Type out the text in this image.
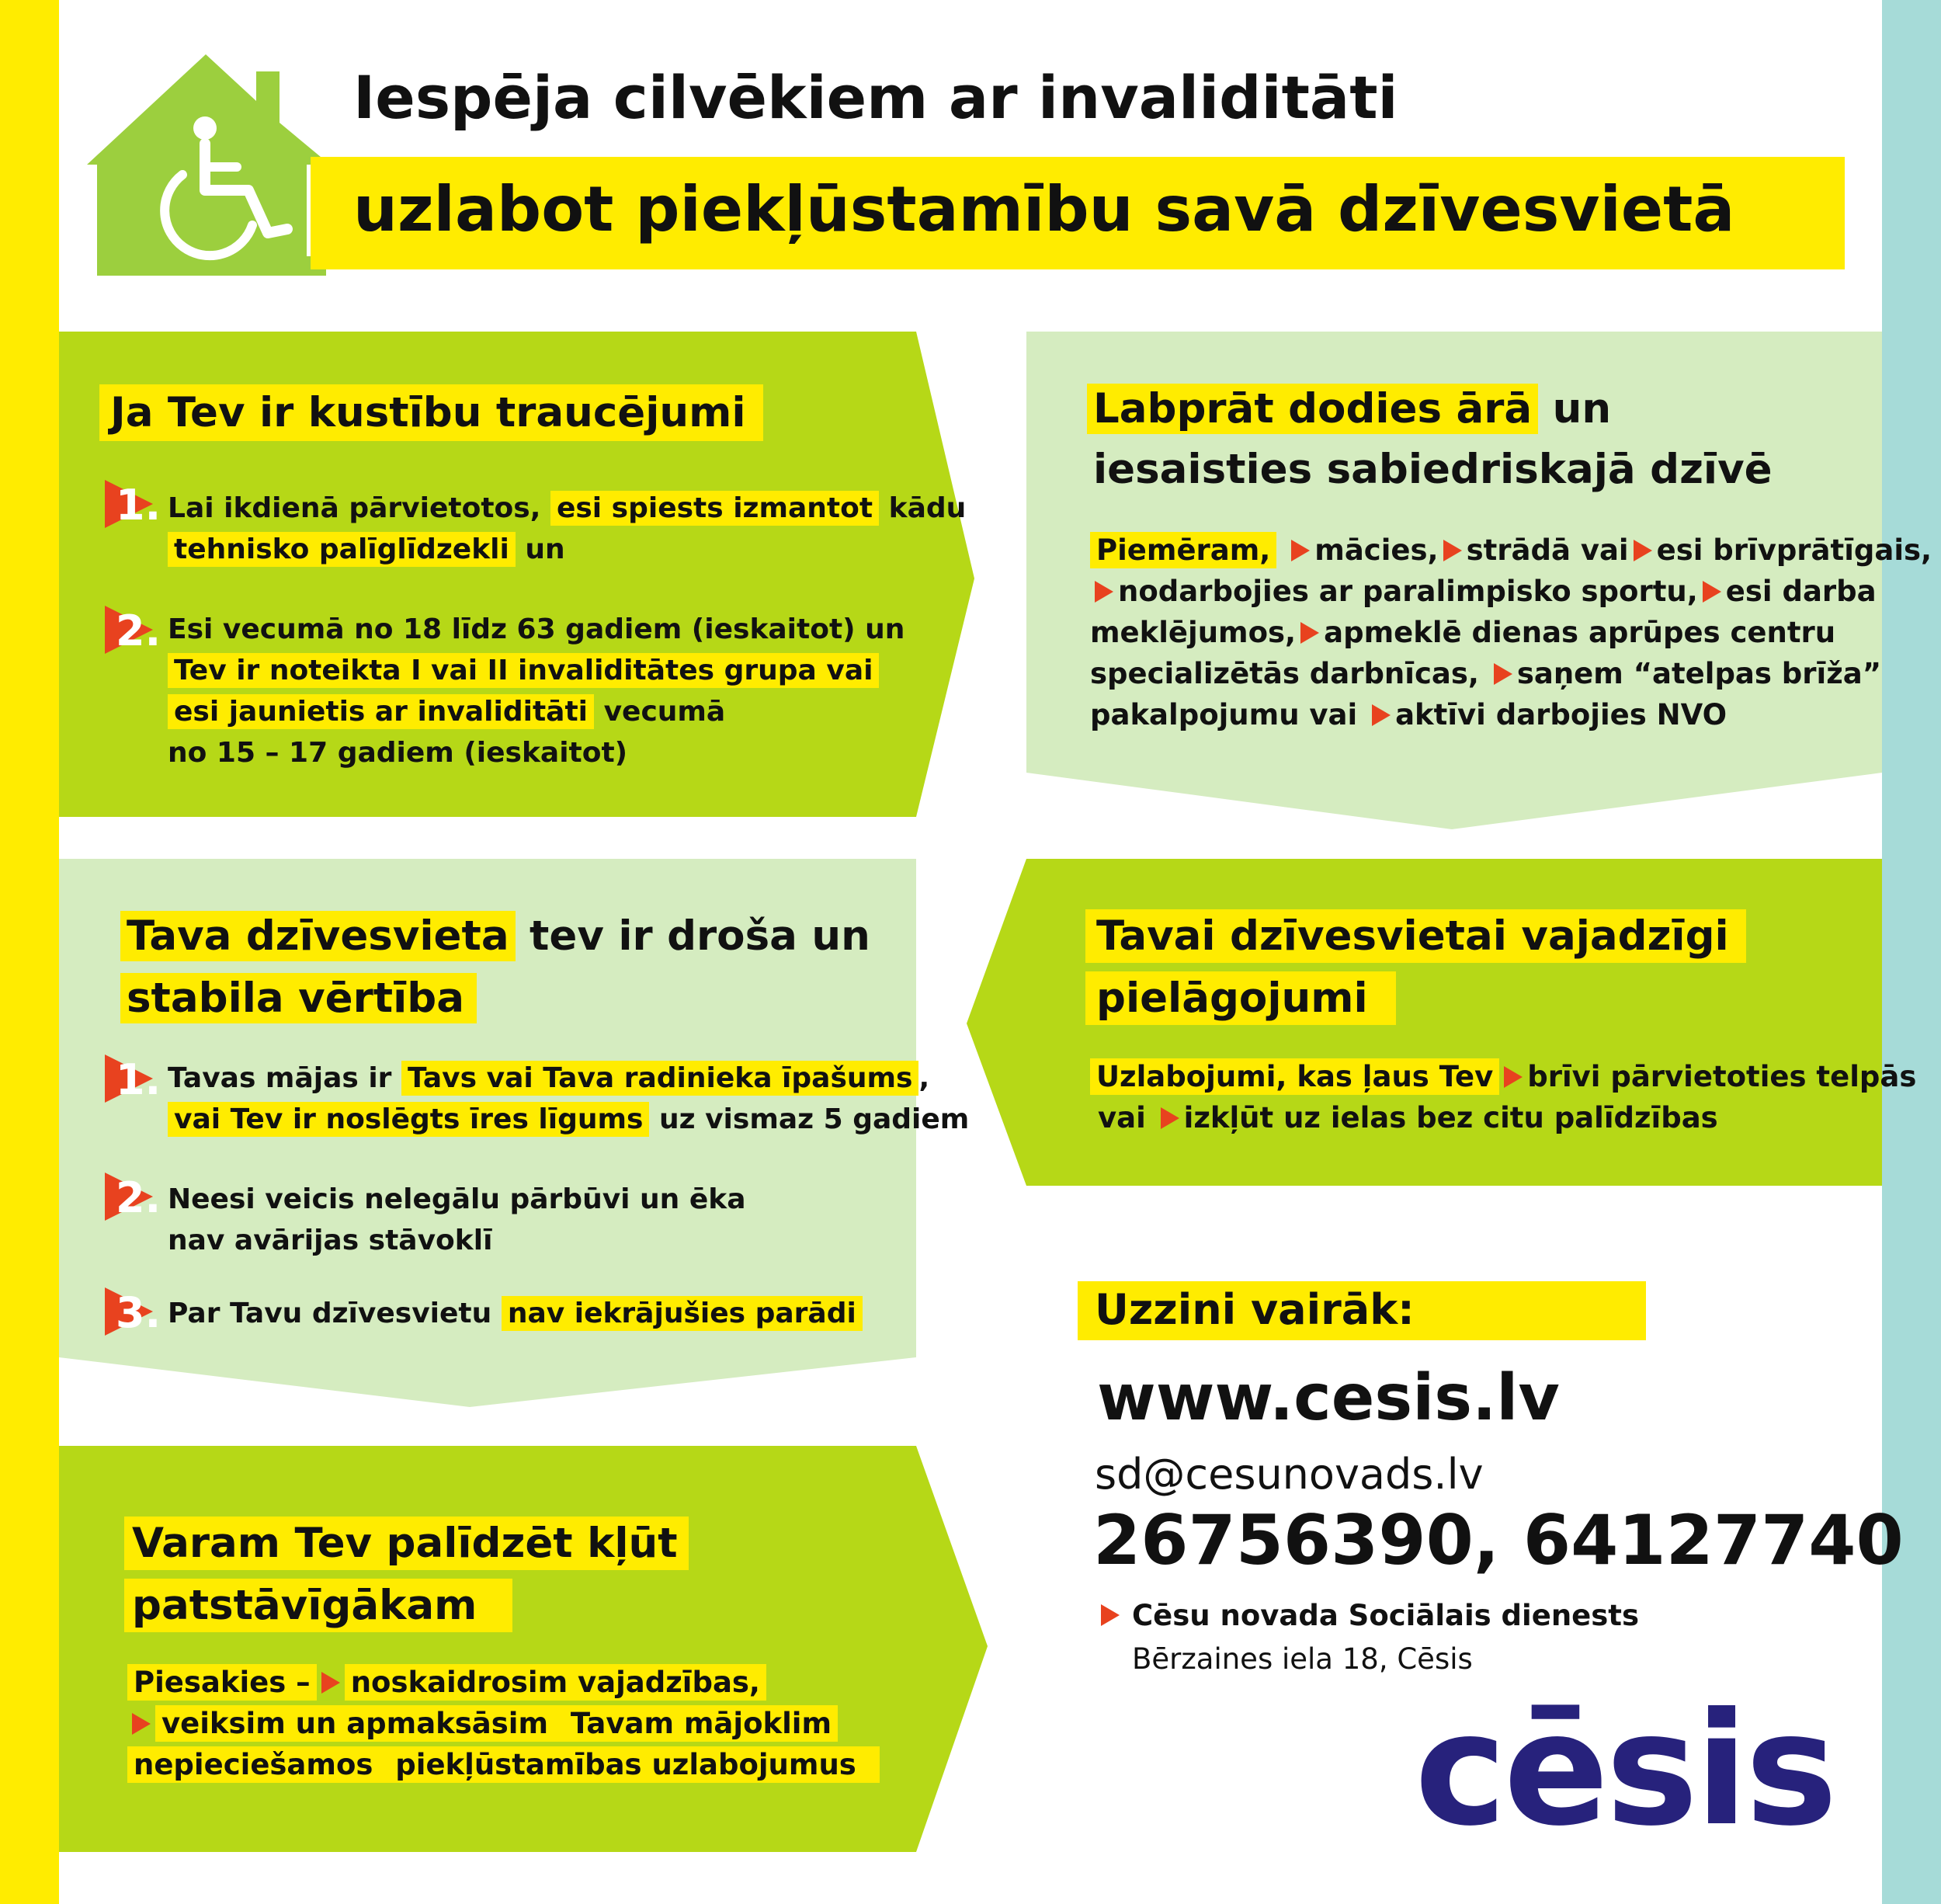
Iespēja cilvēkiem ar invaliditāti
uzlabot piekļūstamību savā dzīvesvietā
Ja Tev ir kustību traucējumi
1. Lai ikdienā pārvietotos, esi spiests izmantot kādu
tehnisko palīglīdzekli un
2. Esi vecumā no 18 līdz 63 gadiem (ieskaitot) un
Tev ir noteikta I vai II invaliditātes grupa vai
esi jaunietis ar invaliditāti vecumā
no 15 – 17 gadiem (ieskaitot)
Labprāt dodies ārā un
iesaisties sabiedriskajā dzīvē
Piemēram, mācies, strādā vai esi brīvprātīgais,
nodarbojies ar paralimpisko sportu, esi darba
meklējumos, apmeklē dienas aprūpes centru
specializētās darbnīcas, saņem “atelpas brīža”
pakalpojumu vai aktīvi darbojies NVO
Tava dzīvesvieta tev ir droša un
stabila vērtība
1. Tavas mājas ir Tavs vai Tava radinieka īpašums ,
vai Tev ir noslēgts īres līgums uz vismaz 5 gadiem
2. Neesi veicis nelegālu pārbūvi un ēka
nav avārijas stāvoklī
3. Par Tavu dzīvesvietu nav iekrājušies parādi
Tavai dzīvesvietai vajadzīgi
pielāgojumi
Uzlabojumi, kas ļaus Tev brīvi pārvietoties telpās
vai izkļūt uz ielas bez citu palīdzības
Varam Tev palīdzēt kļūt
patstāvīgākam
Piesakies – noskaidrosim vajadzības,
veiksim un apmaksāsim Tavam mājoklim
nepieciešamos piekļūstamības uzlabojumus
Uzzini vairāk:
www.cesis.lv
sd@cesunovads.lv
26756390, 64127740
Cēsu novada Sociālais dienests
Bērzaines iela 18, Cēsis
cēsis
